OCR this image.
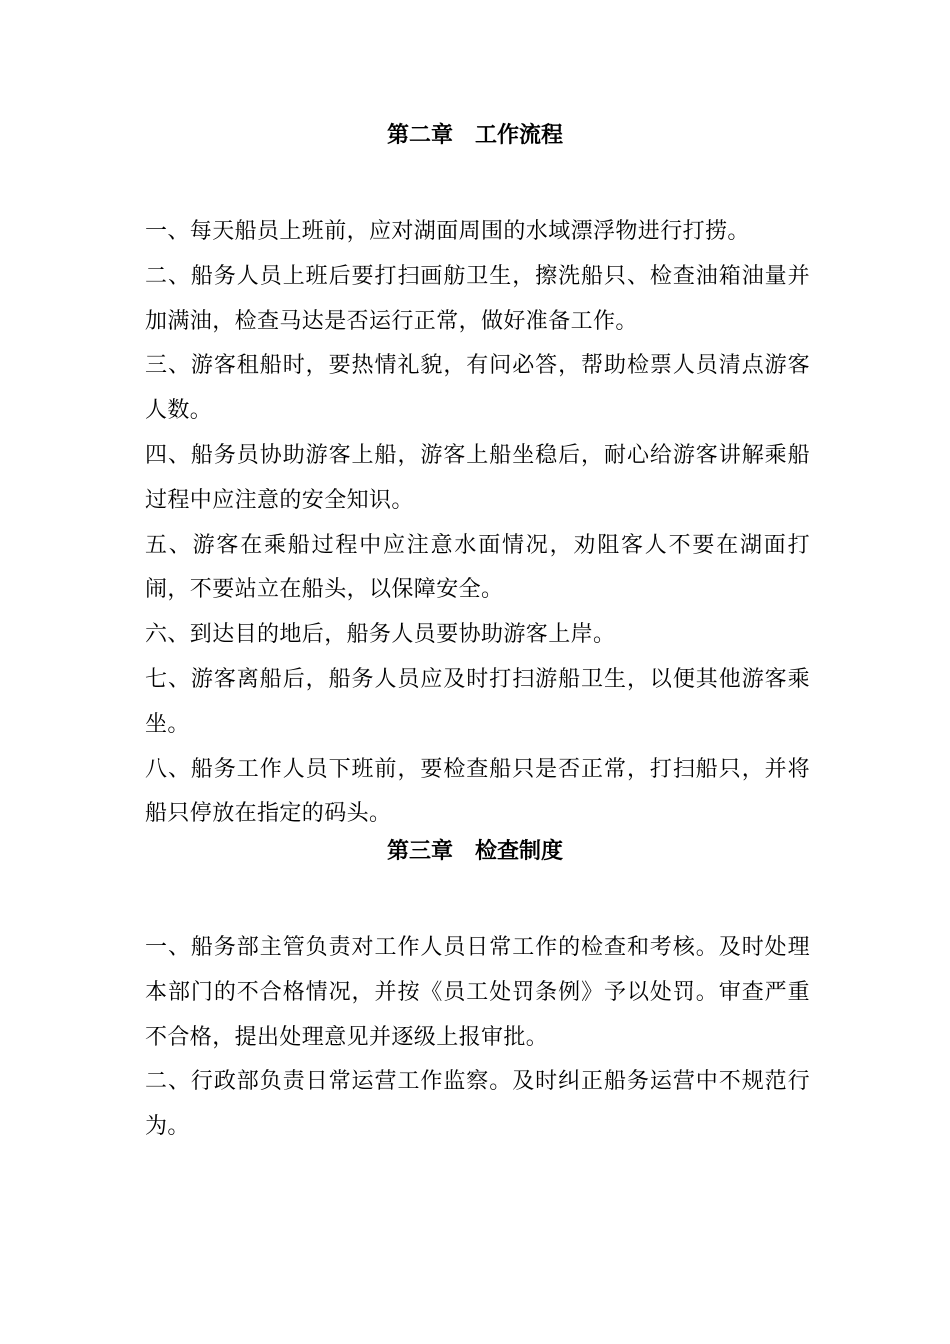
第二章　工作流程

一、每天船员上班前，应对湖面周围的水域漂浮物进行打捞。

二、船务人员上班后要打扫画舫卫生，擦洗船只、检查油箱油量并加满油，检查马达是否运行正常，做好准备工作。

三、游客租船时，要热情礼貌，有问必答，帮助检票人员清点游客人数。

四、船务员协助游客上船，游客上船坐稳后，耐心给游客讲解乘船过程中应注意的安全知识。

五、游客在乘船过程中应注意水面情况，劝阻客人不要在湖面打闹，不要站立在船头，以保障安全。

六、到达目的地后，船务人员要协助游客上岸。

七、游客离船后，船务人员应及时打扫游船卫生，以便其他游客乘坐。

八、船务工作人员下班前，要检查船只是否正常，打扫船只，并将船只停放在指定的码头。

第三章　检查制度

一、船务部主管负责对工作人员日常工作的检查和考核。及时处理本部门的不合格情况，并按《员工处罚条例》予以处罚。审查严重不合格，提出处理意见并逐级上报审批。

二、行政部负责日常运营工作监察。及时纠正船务运营中不规范行为。
